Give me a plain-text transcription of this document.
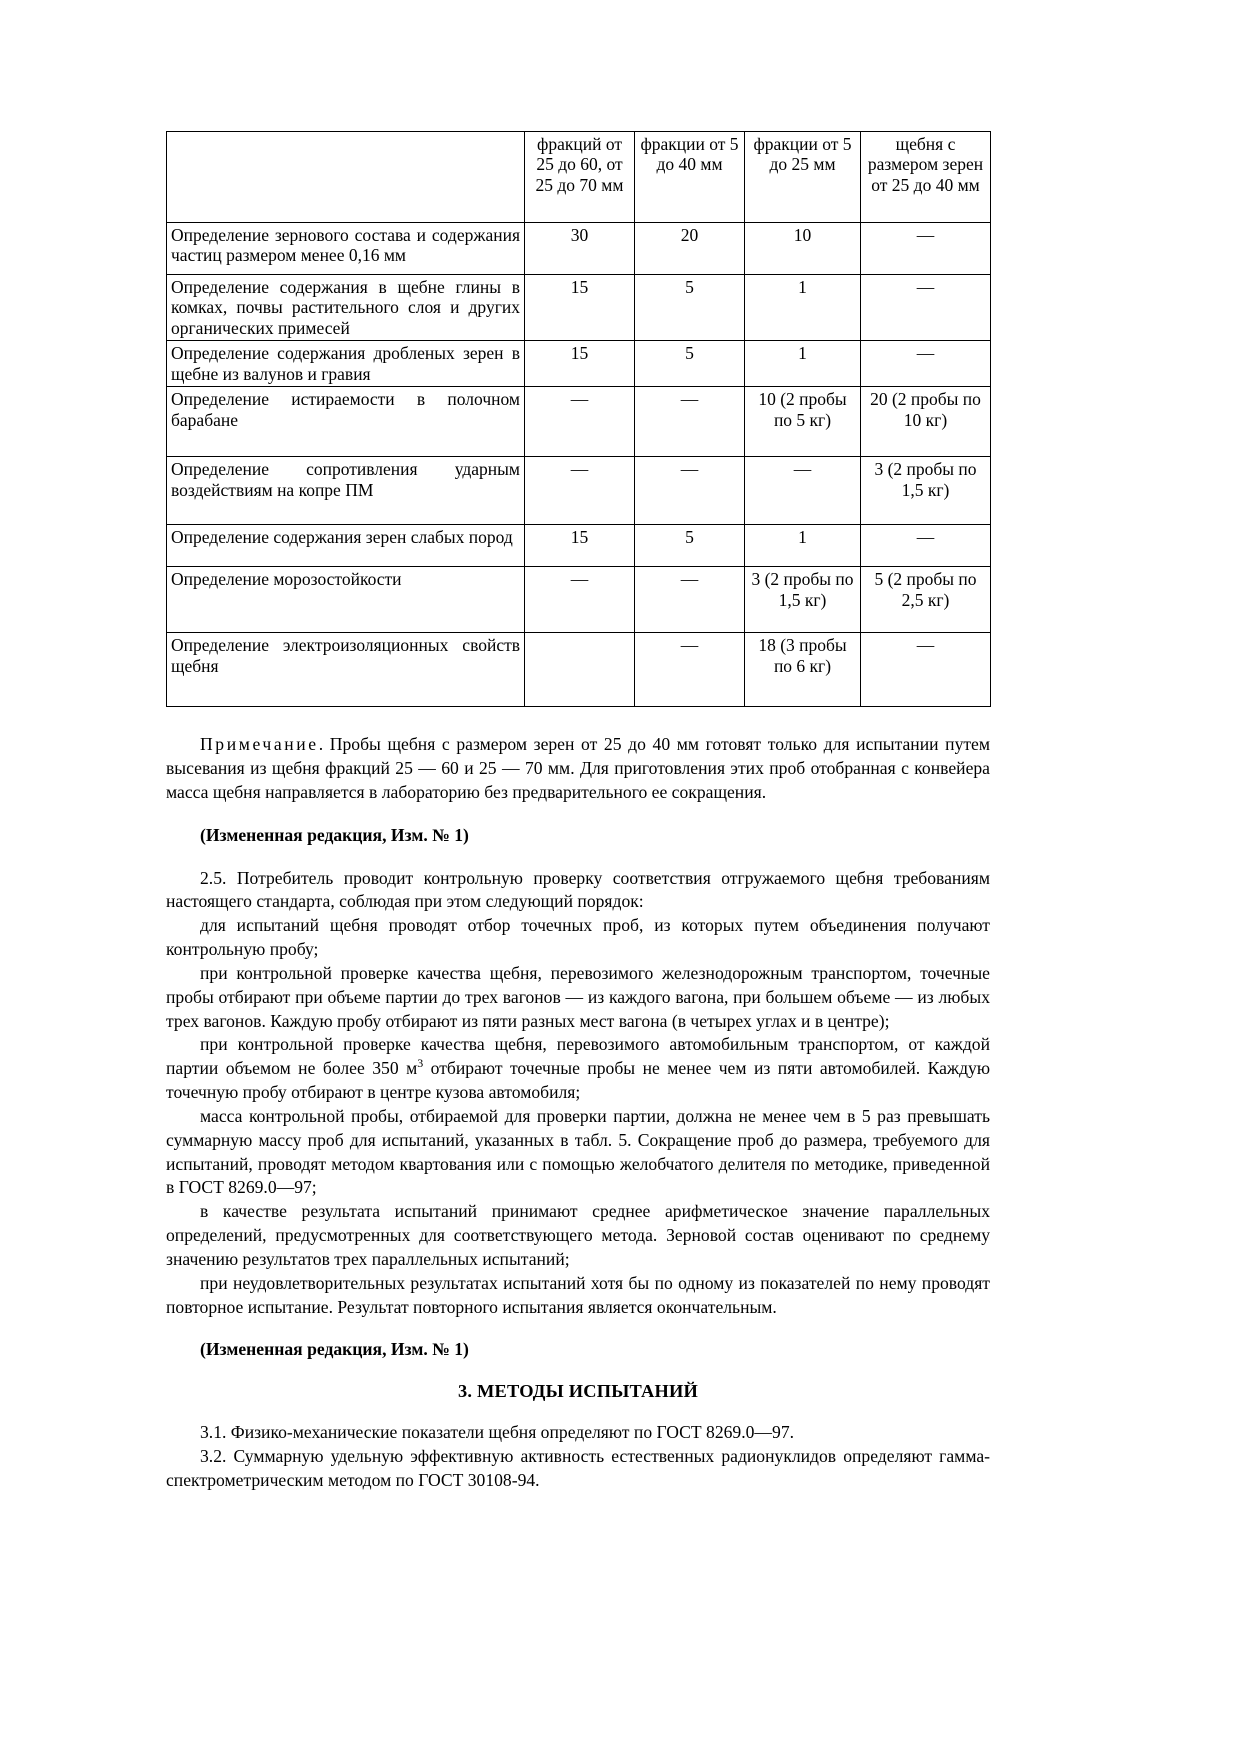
	фракций от 25 до 60, от 25 до 70 мм	фракции от 5 до 40 мм	фракции от 5 до 25 мм	щебня с размером зерен от 25 до 40 мм
Определение зернового состава и содержания частиц размером менее 0,16 мм	30	20	10	—
Определение содержания в щебне глины в комках, почвы растительного слоя и других органических примесей	15	5	1	—
Определение содержания дробленых зерен в щебне из валунов и гравия	15	5	1	—
Определение истираемости в полочном барабане	—	—	10 (2 пробы по 5 кг)	20 (2 пробы по 10 кг)
Определение сопротивления ударным воздействиям на копре ПМ	—	—	—	3 (2 пробы по 1,5 кг)
Определение содержания зерен слабых пород	15	5	1	—
Определение морозостойкости	—	—	3 (2 пробы по 1,5 кг)	5 (2 пробы по 2,5 кг)
Определение электроизоляционных свойств щебня		—	18 (3 пробы по 6 кг)	—
Примечание. Пробы щебня с размером зерен от 25 до 40 мм готовят только для испытании путем высевания из щебня фракций 25 — 60 и 25 — 70 мм. Для приготовления этих проб отобранная с конвейера масса щебня направляется в лабораторию без предварительного ее сокращения.

(Измененная редакция, Изм. № 1)

2.5. Потребитель проводит контрольную проверку соответствия отгружаемого щебня требованиям настоящего стандарта, соблюдая при этом следующий порядок:

для испытаний щебня проводят отбор точечных проб, из которых путем объединения получают контрольную пробу;

при контрольной проверке качества щебня, перевозимого железнодорожным транспортом, точечные пробы отбирают при объеме партии до трех вагонов — из каждого вагона, при большем объеме — из любых трех вагонов. Каждую пробу отбирают из пяти разных мест вагона (в четырех углах и в центре);

при контрольной проверке качества щебня, перевозимого автомобильным транспортом, от каждой партии объемом не более 350 $м^3$ отбирают точечные пробы не менее чем из пяти автомобилей. Каждую точечную пробу отбирают в центре кузова автомобиля;

масса контрольной пробы, отбираемой для проверки партии, должна не менее чем в 5 раз превышать суммарную массу проб для испытаний, указанных в табл. 5. Сокращение проб до размера, требуемого для испытаний, проводят методом квартования или с помощью желобчатого делителя по методике, приведенной в ГОСТ 8269.0—97;

в качестве результата испытаний принимают среднее арифметическое значение параллельных определений, предусмотренных для соответствующего метода. Зерновой состав оценивают по среднему значению результатов трех параллельных испытаний;

при неудовлетворительных результатах испытаний хотя бы по одному из показателей по нему проводят повторное испытание. Результат повторного испытания является окончательным.

(Измененная редакция, Изм. № 1)

3. МЕТОДЫ ИСПЫТАНИЙ

3.1. Физико-механические показатели щебня определяют по ГОСТ 8269.0—97.

3.2. Суммарную удельную эффективную активность естественных радионуклидов определяют гамма-спектрометрическим методом по ГОСТ 30108-94.
